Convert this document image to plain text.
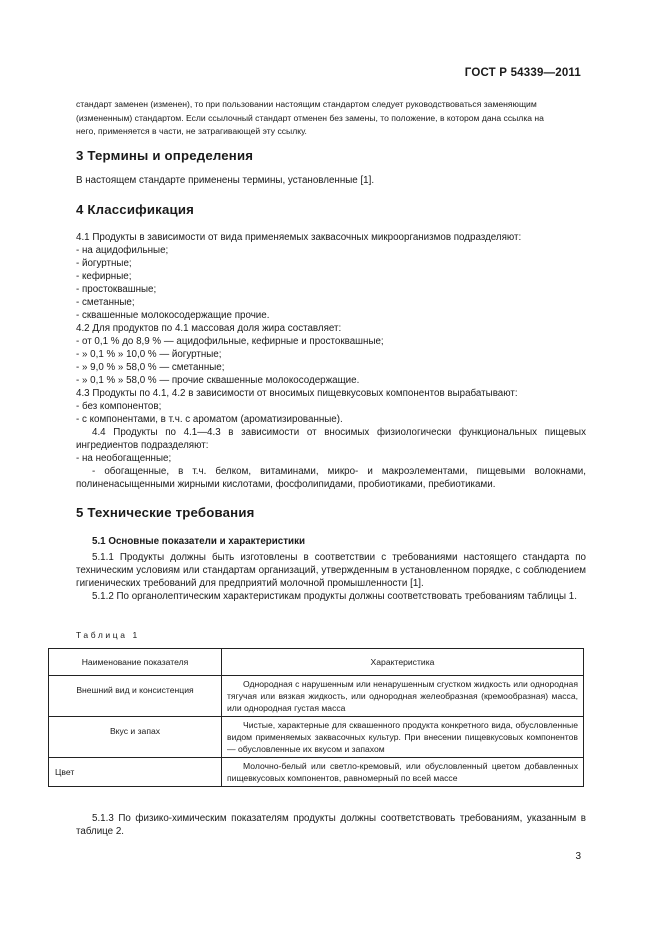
ГОСТ Р 54339—2011
стандарт заменен (изменен), то при пользовании настоящим стандартом следует руководствоваться заменяющим
(измененным) стандартом. Если ссылочный стандарт отменен без замены, то положение, в котором дана ссылка на
него, применяется в части, не затрагивающей эту ссылку.
3 Термины и определения
В настоящем стандарте применены термины, установленные [1].
4 Классификация

4.1 Продукты в зависимости от вида применяемых заквасочных микроорганизмов подразделяют:

- на ацидофильные;

- йогуртные;

- кефирные;

- простоквашные;

- сметанные;

- сквашенные молокосодержащие прочие.

4.2 Для продуктов по 4.1 массовая доля жира составляет:

- от 0,1 % до 8,9 % — ацидофильные, кефирные и простоквашные;

- » 0,1 % » 10,0 % — йогуртные;

- » 9,0 % » 58,0 % — сметанные;

- » 0,1 % » 58,0 % — прочие сквашенные молокосодержащие.

4.3 Продукты по 4.1, 4.2 в зависимости от вносимых пищевкусовых компонентов вырабатывают:

- без компонентов;

- с компонентами, в т.ч. с ароматом (ароматизированные).

4.4 Продукты по 4.1—4.3 в зависимости от вносимых физиологически функциональных пищевых ингредиентов подразделяют:

- на необогащенные;

- обогащенные, в т.ч. белком, витаминами, микро- и макроэлементами, пищевыми волокнами, полиненасыщенными жирными кислотами, фосфолипидами, пробиотиками, пребиотиками.

5 Технические требования
5.1 Основные показатели и характеристики

5.1.1 Продукты должны быть изготовлены в соответствии с требованиями настоящего стандарта по техническим условиям или стандартам организаций, утвержденным в установленном порядке, с соблюдением гигиенических требований для предприятий молочной промышленности [1].

5.1.2 По органолептическим характеристикам продукты должны соответствовать требованиям таблицы 1.

Таблица 1
Наименование показателя	Характеристика
Внешний вид и консистенция	Однородная с нарушенным или ненарушенным сгустком жидкость или однородная тягучая или вязкая жидкость, или однородная желеобразная (кремообразная) масса, или однородная густая масса
Вкус и запах	Чистые, характерные для сквашенного продукта конкретного вида, обусловленные видом применяемых заквасочных культур. При внесении пищевкусовых компонентов — обусловленные их вкусом и запахом
Цвет	Молочно-белый или светло-кремовый, или обусловленный цветом добавленных пищевкусовых компонентов, равномерный по всей массе

5.1.3 По физико-химическим показателям продукты должны соответствовать требованиям, указанным в таблице 2.

3
